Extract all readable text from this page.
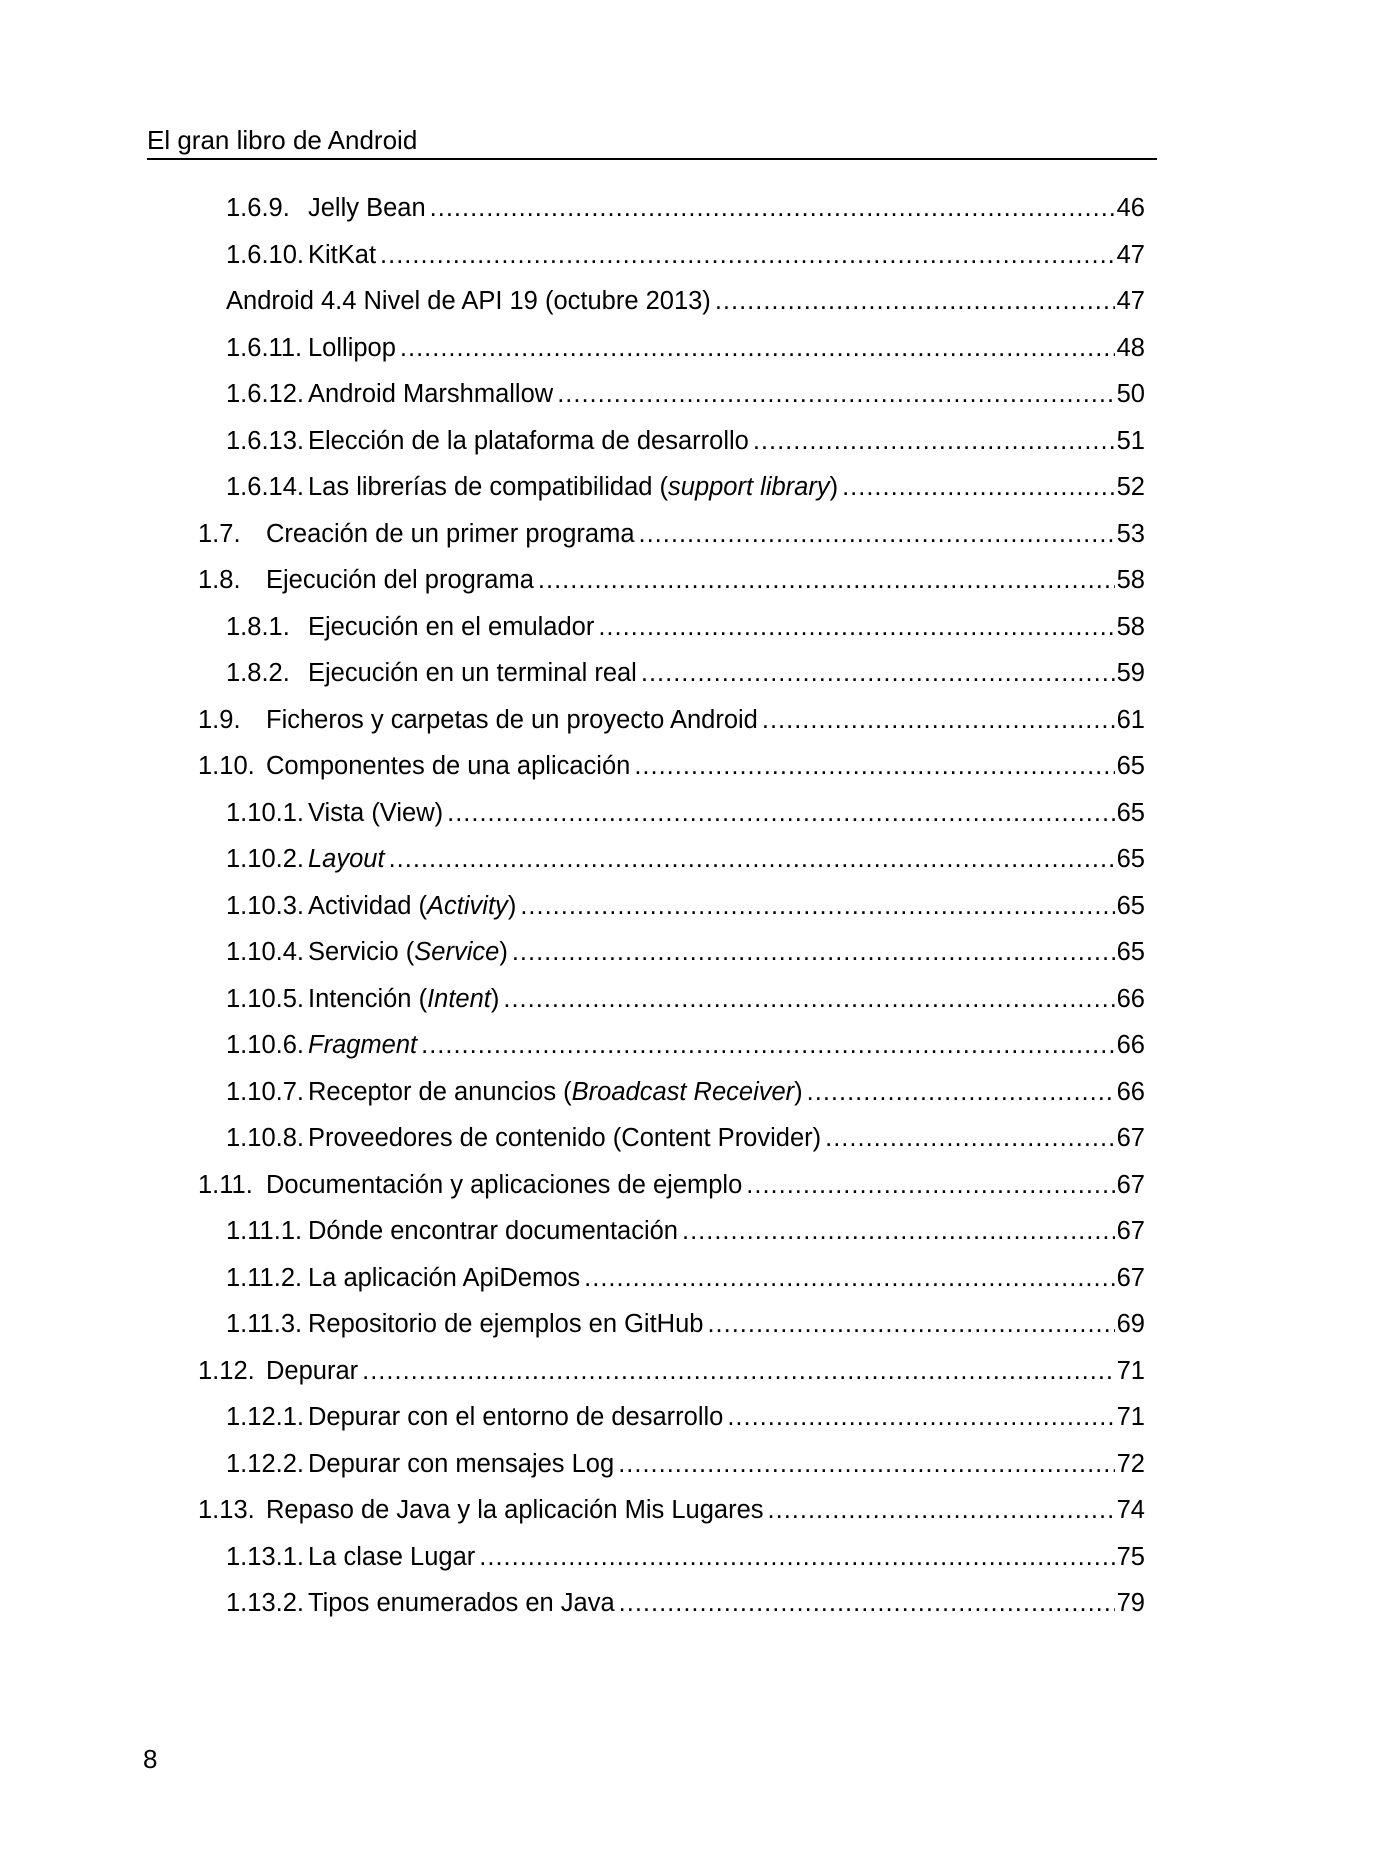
El gran libro de Android
1.6.9. Jelly Bean .....	46
1.6.10. KitKat .....	47
Android 4.4 Nivel de API 19 (octubre 2013) .....	47
1.6.11. Lollipop .....	48
1.6.12. Android Marshmallow .....	50
1.6.13. Elección de la plataforma de desarrollo .....	51
1.6.14. Las librerías de compatibilidad (support library) .....	52
1.7. Creación de un primer programa .....	53
1.8. Ejecución del programa .....	58
1.8.1. Ejecución en el emulador .....	58
1.8.2. Ejecución en un terminal real .....	59
1.9. Ficheros y carpetas de un proyecto Android .....	61
1.10. Componentes de una aplicación .....	65
1.10.1. Vista (View) .....	65
1.10.2. Layout .....	65
1.10.3. Actividad (Activity) .....	65
1.10.4. Servicio (Service) .....	65
1.10.5. Intención (Intent) .....	66
1.10.6. Fragment .....	66
1.10.7. Receptor de anuncios (Broadcast Receiver) .....	66
1.10.8. Proveedores de contenido (Content Provider) .....	67
1.11. Documentación y aplicaciones de ejemplo .....	67
1.11.1. Dónde encontrar documentación .....	67
1.11.2. La aplicación ApiDemos .....	67
1.11.3. Repositorio de ejemplos en GitHub .....	69
1.12. Depurar .....	71
1.12.1. Depurar con el entorno de desarrollo .....	71
1.12.2. Depurar con mensajes Log .....	72
1.13. Repaso de Java y la aplicación Mis Lugares .....	74
1.13.1. La clase Lugar .....	75
1.13.2. Tipos enumerados en Java .....	79
8
